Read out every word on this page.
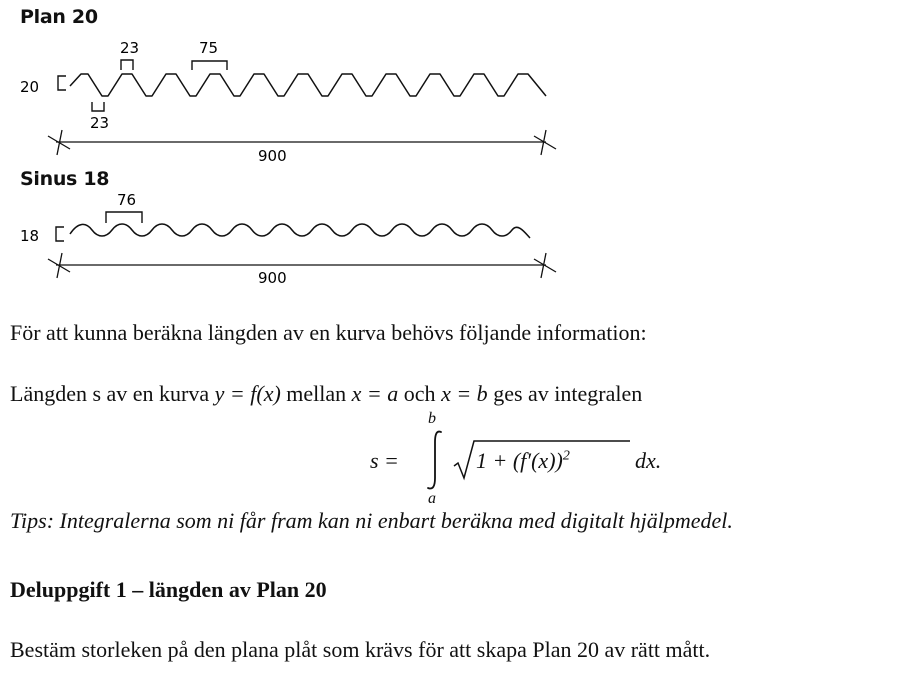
Plan 20
20
23	75
23
900
Sinus 18
76
18
900
För att kunna beräkna längden av en kurva behövs följande information:
Längden s av en kurva y = f(x) mellan x = a och x = b ges av integralen
s =
b
a
$1 + (f'(x))^2$	dx.
Tips: Integralerna som ni får fram kan ni enbart beräkna med digitalt hjälpmedel.
Deluppgift 1 – längden av Plan 20
Bestäm storleken på den plana plåt som krävs för att skapa Plan 20 av rätt mått.
